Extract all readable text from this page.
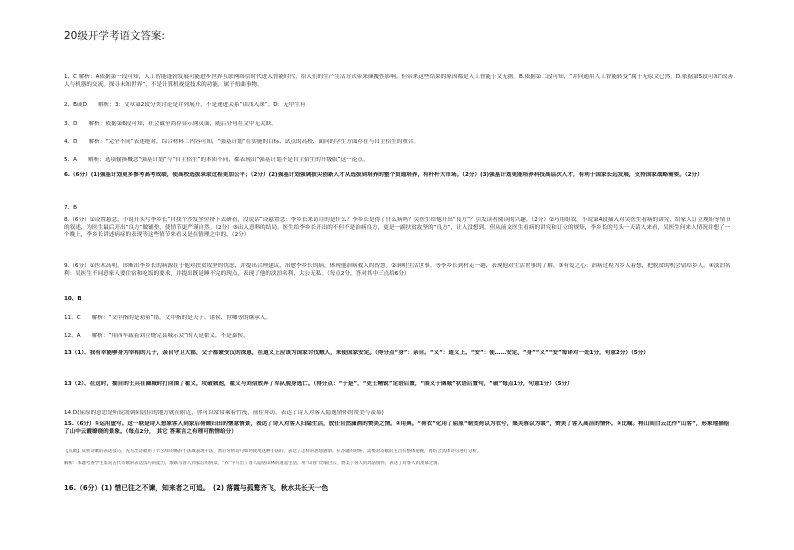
20级开学考语文答案:
1、C 解析：A依据第一段可知，人工智能蓬勃发展可能进步世界互联网络信时代进入智能时代，给人们的生产生活方式带来颠覆性影响。但带来这些结果的原因都是人工智能于文无据。B.依据第二段可知，“并向通用人工智能转变”属于无原文已然。D.依据第5段可知“改善人与机器的交流，探寻未知世界”，不是计算机视觉技术的功能，属于扭曲事物。
2、B或D　　解析：3：文章第2段分类讨论是并列展开，不是递进关系“由浅入深”。D：无中生有
3、D　　解析：依据第6段可知，社会截至尚存显示网页面，随后分句在文中无关联。
4、D　　解析：“完全不同”表述绝对，综合材料二内容可知，“强基计划”在实施的目标、试点的高校、面向的学生方面存在与自主招生的重合。
5、A　　解析：选项偷换概念“强基计划”与“自主招生”的本质不同，都表现出“强基计划不是自主招生的升级版”这一论点。
6.（6分）(1)强基计划更多参考高考成绩，使高校选拔录取过程更加公平；（2分）(2)强基计划强调拔尖创新人才从选拔到培养的整个贯通培养，有杆杆大市场。（2分）(3)强基计划更能培养科技高层次人才，有利于国家长远发展，支持国家战略需要。（2分）
7、B
8.（6分）①设置悬念。小说开头写李乡长“自找个沙发坐位挤下去研看，没说话”设悬置念：李乡长来访目的是什么？李乡长是得了什么病吗？吴医生给他开出“良方”？引发读者阅读的兴趣。（2分）②巧用组叙。小说第4段插入对吴医生看病的讲究，给家人订立规矩等情节的叙述，为医生最后开出“良方”做铺垫，使情节更严谨自然。（2分）③出人意料的结局。医生给李乡长开出的不但不是治病良方，更是一副扶贫攻坚的“良方”，让人没想到，但从前文医生看病的讲究和订立的规矩，李乡长的号头一天请人来看，吴医生问来人情况并想了一个晚上，李乡长讲述病症的表现等这些情节来看又是在情理之中的。（2分）
9.（6分）①医术高明。诊断出李乡长的病源在于他对扶贫攻坚的忧虑，并提出合理建议，治愈李乡长的病，体现他治病救人的智慧。②洞明生活世事。等李乡长到村走一趟，表现他对生活世事的了解。③有爱之心：治病过程为乡人着想，把脱贫的机会留给乡人。④淡泊名利：吴医生不同意家人要住宿和吃饭的要求，并提出既是睡不完的现点，表现了他的淡泊名利，大公无私。（每点2分，答对其中三点给6分）
10、B
11、C　　解析：“文中指的是劝童”错，文中指的是天子、诸侯、世卿等的继承人。
12、A　　解析：“用四车载着刘立烧完县城示众”的人是翟义，不是嘉俟。
13（1）、我有幸能够身为宰相的儿子，亲自守卫大郡，父子都蒙受汉的深恩，在道义上应该为国家讨伐贼人，来使国家安定。（得分点“身”：亲自。“义”：道义上。“安”：使……安定。“身”“义”“安”每译对一处1分，句意2分）（5分）
13（2）、在这时，抽自的士兵在圈城时打回围了翟义，攻破城池，翟义与刘信放弃了军队脱身逃亡。（得分点：“于是”，“吏士精锐”定语后置，“围义于圉城”状语后置句，“破”每点1分，句意1分）（5分）
14.D(屈原的意思是听说凯朝阳居住的地方就在附近，你可以常常乘着竹筏，前往拜访，表达了诗人对客人隐逸情怀的赞美与羡慕)
15.（6分）①运用虚写。这一联是诗人想象客人到家后荷锄归田的惬意情景，表达了诗人对客人归隐生活，放任自然潇洒的赞美之情。②用典。“荷衣”化用了屈原“制芰荷以为衣兮，集芙蓉以为裳”，赞美了客人高洁的情怀。③比喻。将山间白云比作“山客”，形象地描绘了山中云霞缭绕的景象。（每点2分， 其它 答案言之有理可酌情给分）
【点睛】赏析诗歌的表达技巧，先写出诗歌用了什么样的修辞手法或表现手法，然后分析诗句如何使用这种手法的，表达了怎样的思想感情。在答题的时候，需要对诗歌的主旨有整体把握，再结合具体诗句进行分析。
解析：本题考查学生鉴赏古代诗歌的表达技巧的能力。颔联写客人到家后的情景，“衣”字写出了客人隐居山林的逍遥生活，用“山客”比喻白云，赞美了客人的高洁情怀，表达了对客人的羡慕之情。
16.（6分）(1) 惜已往之不谏，知来者之可追。　(2) 落霞与孤鹜齐飞，秋水共长天一色
